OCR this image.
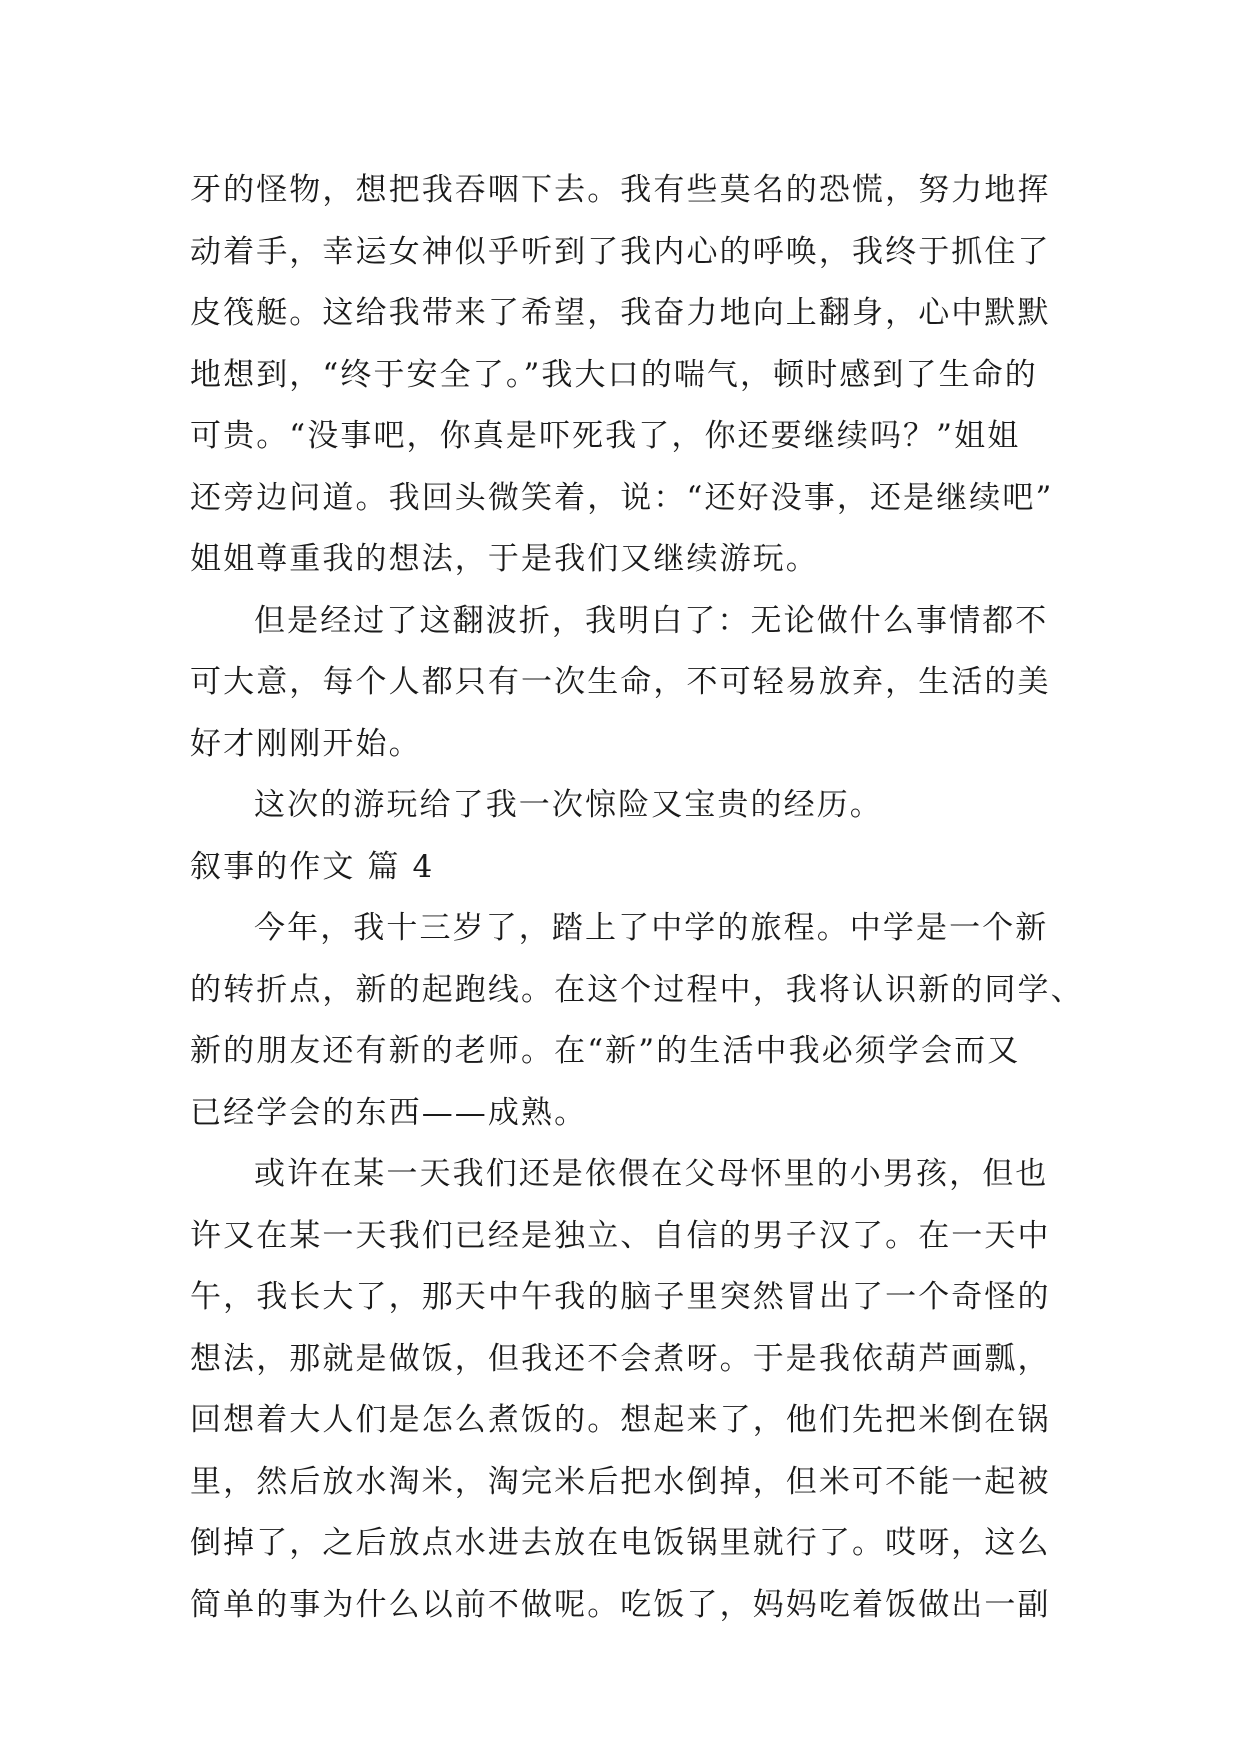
牙的怪物，想把我吞咽下去。我有些莫名的恐慌，努力地挥
动着手，幸运女神似乎听到了我内心的呼唤，我终于抓住了
皮筏艇。这给我带来了希望，我奋力地向上翻身，心中默默
地想到，“终于安全了。”我大口的喘气，顿时感到了生命的
可贵。“没事吧，你真是吓死我了，你还要继续吗？”姐姐
还旁边问道。我回头微笑着，说：“还好没事，还是继续吧”
姐姐尊重我的想法，于是我们又继续游玩。
但是经过了这翻波折，我明白了：无论做什么事情都不
可大意，每个人都只有一次生命，不可轻易放弃，生活的美
好才刚刚开始。
这次的游玩给了我一次惊险又宝贵的经历。
叙事的作文 篇 4
今年，我十三岁了，踏上了中学的旅程。中学是一个新
的转折点，新的起跑线。在这个过程中，我将认识新的同学、
新的朋友还有新的老师。在“新”的生活中我必须学会而又
已经学会的东西——成熟。
或许在某一天我们还是依偎在父母怀里的小男孩，但也
许又在某一天我们已经是独立、自信的男子汉了。在一天中
午，我长大了，那天中午我的脑子里突然冒出了一个奇怪的
想法，那就是做饭，但我还不会煮呀。于是我依葫芦画瓢，
回想着大人们是怎么煮饭的。想起来了，他们先把米倒在锅
里，然后放水淘米，淘完米后把水倒掉，但米可不能一起被
倒掉了，之后放点水进去放在电饭锅里就行了。哎呀，这么
简单的事为什么以前不做呢。吃饭了，妈妈吃着饭做出一副
